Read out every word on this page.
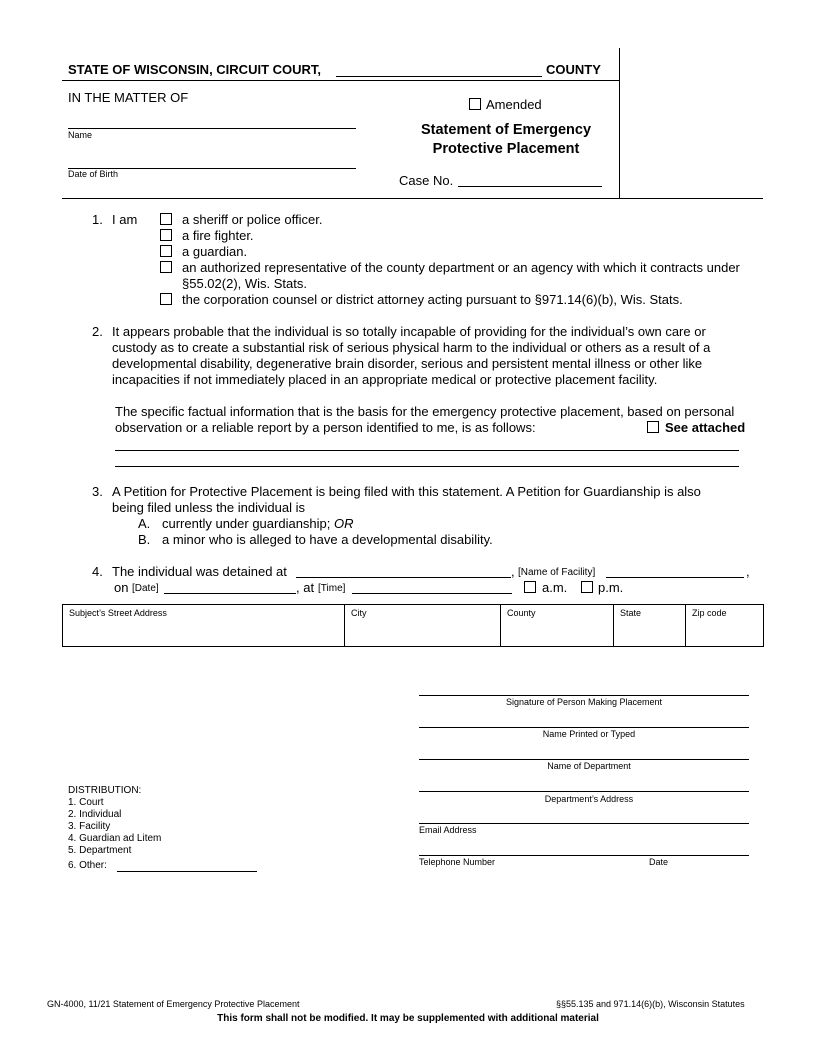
STATE OF WISCONSIN, CIRCUIT COURT,	COUNTY
IN THE MATTER OF
Name
Date of Birth
Amended
Statement of Emergency
Protective Placement
Case No.
1. I am	a sheriff or police officer.
a fire fighter.
a guardian.
an authorized representative of the county department or an agency with which it contracts under
§55.02(2), Wis. Stats.
the corporation counsel or district attorney acting pursuant to §971.14(6)(b), Wis. Stats.
2. It appears probable that the individual is so totally incapable of providing for the individual’s own care or
custody as to create a substantial risk of serious physical harm to the individual or others as a result of a
developmental disability, degenerative brain disorder, serious and persistent mental illness or other like
incapacities if not immediately placed in an appropriate medical or protective placement facility.
The specific factual information that is the basis for the emergency protective placement, based on personal
observation or a reliable report by a person identified to me, is as follows:	See attached
3. A Petition for Protective Placement is being filed with this statement. A Petition for Guardianship is also
being filed unless the individual is
A. currently under guardianship; OR
B. a minor who is alleged to have a developmental disability.
4. The individual was detained at	, [Name of Facility]	,
on [Date]	, at [Time]	a.m. p.m.
Subject’s Street Address	City	County	State	Zip code
Signature of Person Making Placement
Name Printed or Typed
Name of Department
Department’s Address
Email Address
Telephone Number	Date
DISTRIBUTION:
1. Court
2. Individual
3. Facility
4. Guardian ad Litem
5. Department
6. Other:
GN-4000, 11/21 Statement of Emergency Protective Placement	§§55.135 and 971.14(6)(b), Wisconsin Statutes
This form shall not be modified. It may be supplemented with additional material
